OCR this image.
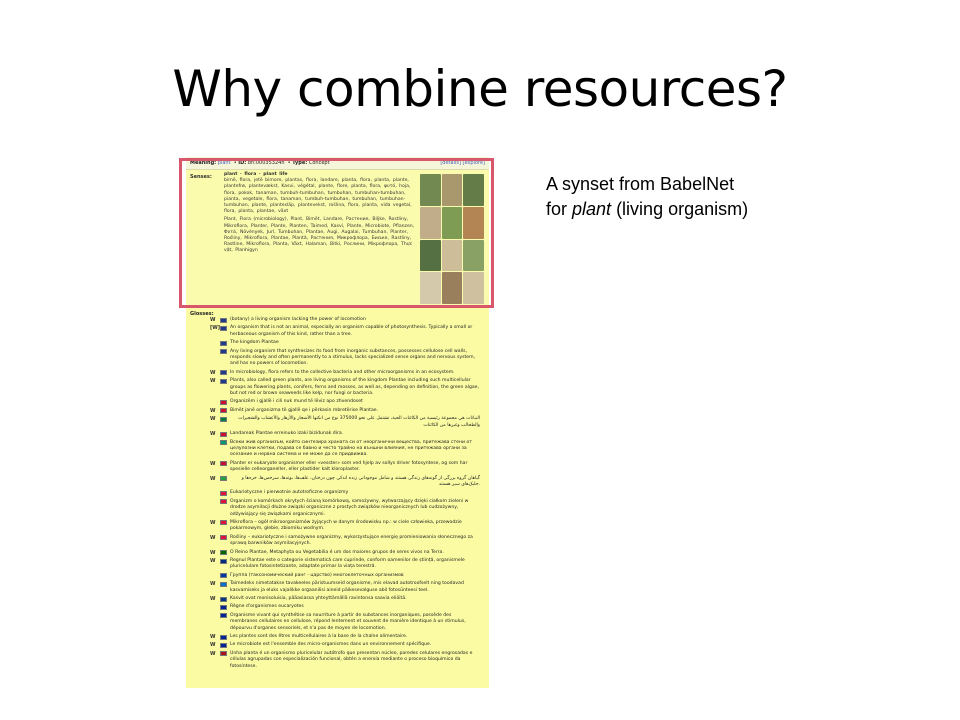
Why combine resources?
A synset from BabelNet
for plant (living organism)
Meaning: plant  • ID: bn:00035324n  • Type: Concept	[details] [explore]
Senses:	plant · flora · plant life
birnë, flora, jetë bimore, plantas, flora, landare, planta, flora, planta, plante, plantefrø, plantevækst, Kasvi, végétal, plante, flore, planta, flora, φυτό, hoja, flora, pokok, tanaman, tumbuh-tumbuhan, tumbuhan, tumbuhan-tumbuhan, pianta, vegetale, flora, tanaman, tumbuh-tumbuhan, tumbuhan, tumbuhan-tumbuhan, plante, plantesläp, plantevekst, roślina, flora, planta, vida vegetal, flora, planta, plantae, växt
Plant, Flora (microbiology), Plant, Bimët, Landare, Растение, Biljke, Rostliny, Mikroflora, Planter, Plante, Planten, Taimed, Kasvi, Plante, Microbiote, Pflanzen, Φυτά, Növények, Jurl, Tumbuhan, Plantae, Augi, Augalai, Tumbuhan, Planter, Rośliny, Mikroflora, Plantae, Plantă, Растения, Микрофлора, Биљке, Rastliny, Rastline, Mikroflora, Planta, Växt, Halaman, Bitki, Рослини, Мікрофлора, Thực vật, Planhigyn
Glosses:
W	(botany) a living organism lacking the power of locomotion
[W] An organism that is not an animal, especially an organism capable of photosynthesis. Typically a small or herbaceous organism of this kind, rather than a tree.
The kingdom Plantae
Any living organism that synthesizes its food from inorganic substances, possesses cellulose cell walls, responds slowly and often permanently to a stimulus, lacks specialized sense organs and nervous system, and has no powers of locomotion.
W	In microbiology, flora refers to the collective bacteria and other microorganisms in an ecosystem.
W	Plants, also called green plants, are living organisms of the kingdom Plantae including such multicellular groups as flowering plants, conifers, ferns and mosses, as well as, depending on definition, the green algae, but not red or brown seaweeds like kelp, nor fungi or bacteria.
Organizëm i gjallë i cili nuk mund të lëviz apo zhvendoset
W	Bimët janë organizma të gjallë qe i përkasin mbretërise Plantae.
W	النباتات هي مجموعة رئيسية من الكائنات الحية، تشتمل على نحو 375000 نوع من انكتها الأشجار والأزهار والأعشاب والشجيرات والطحالب وغيرها من الكائنات
W	Landareak Plantae erreinuko izaki bizidunak dira.
Всеки жив организъм, който синтезира храната си от неорганични вещества, притежава стени от целулозни клетки, подава се бавно и често трайно на външни влияния, не притежава органи за осезание и нервна система и не може да се придвижва.
W	Planter er eukaryote organismer eller «vesster» som ved hjelp av sollys driver fotosyntese, og som har spesielle celleorganeller, eller plastider kalt kloroplaster.
W	گیاهان گروه بزرگی از گونه‌های زندگی هستند و شامل موجوداتی زنده اندکی چون درختان، علف‌ها، بوته‌ها، سرخس‌ها، خزه‌ها و جلبک‌های سبز هستند.
Eukariotyczne i pierwotnie autotroficzne organizmy
Organizm o komórkach okrytych ścianą komórkową, samożywny, wytwarzający dzięki ciałkom zieleni w drodze asymilacji dłużne związki organiczne z prostych związków nieorganicznych lub cudzożywny, odżywiający się związkami organicznymi.
W	Mikroflora – ogół mikroorganizmów żyjących w danym środowisku np.: w ciele człowieka, przewodzie pokarmowym, glebie, zbiorniku wodnym.
W	Rośliny – eukariotyczne i samożywne organizmy, wykorzystujące energię promieniowania słonecznego za sprawą barwników asymilacyjnych.
W	O Reino Plantae, Metaphyta ou Vegetabilia é um dos maiores grupos de seres vivos na Terra.
W	Regnul Plantae este o categorie sistematică care cuprinde, conform oamenilor de știință, organismele pluricelulare fotosintetizante, adaptate primar la viața terestră.
Группа (таксономический ранг - царство) многоклеточных организмов
W	Taimedeks nimetatakse tavakeeles päristuumseid organisme, mis elavad autotroofselt ning toodavad kasvamiseks ja eluks vajalikke orgaanilisi aineid päikesevalguse abil fotosünteesi teel.
W	Kasvit ovat monisoluisia, pääasiassa yhteyttämällä ravintonsa saavia eliöitä.
Règne d'organismes eucaryotes
Organisme vivant qui synthétise sa nourriture à partir de substances inorganiques, possède des membranes cellulaires en cellulose, répond lentement et souvent de manière identique à un stimulus, dépourvu d'organes sensoriels, et n'a pas de moyen de locomotion.
W	Les plantes sont des êtres multicellulaires à la base de la chaîne alimentaire.
W	Le microbiote est l'ensemble des micro-organismes dans un environnement spécifique.
W	Unha planta é un organismo pluricelular autótrofo que presentan núcleo, paredes celulares engrosadas e células agrupadas con especialización funcional, obtén a enerxía mediante o proceso bioquímico da fotosíntese.
